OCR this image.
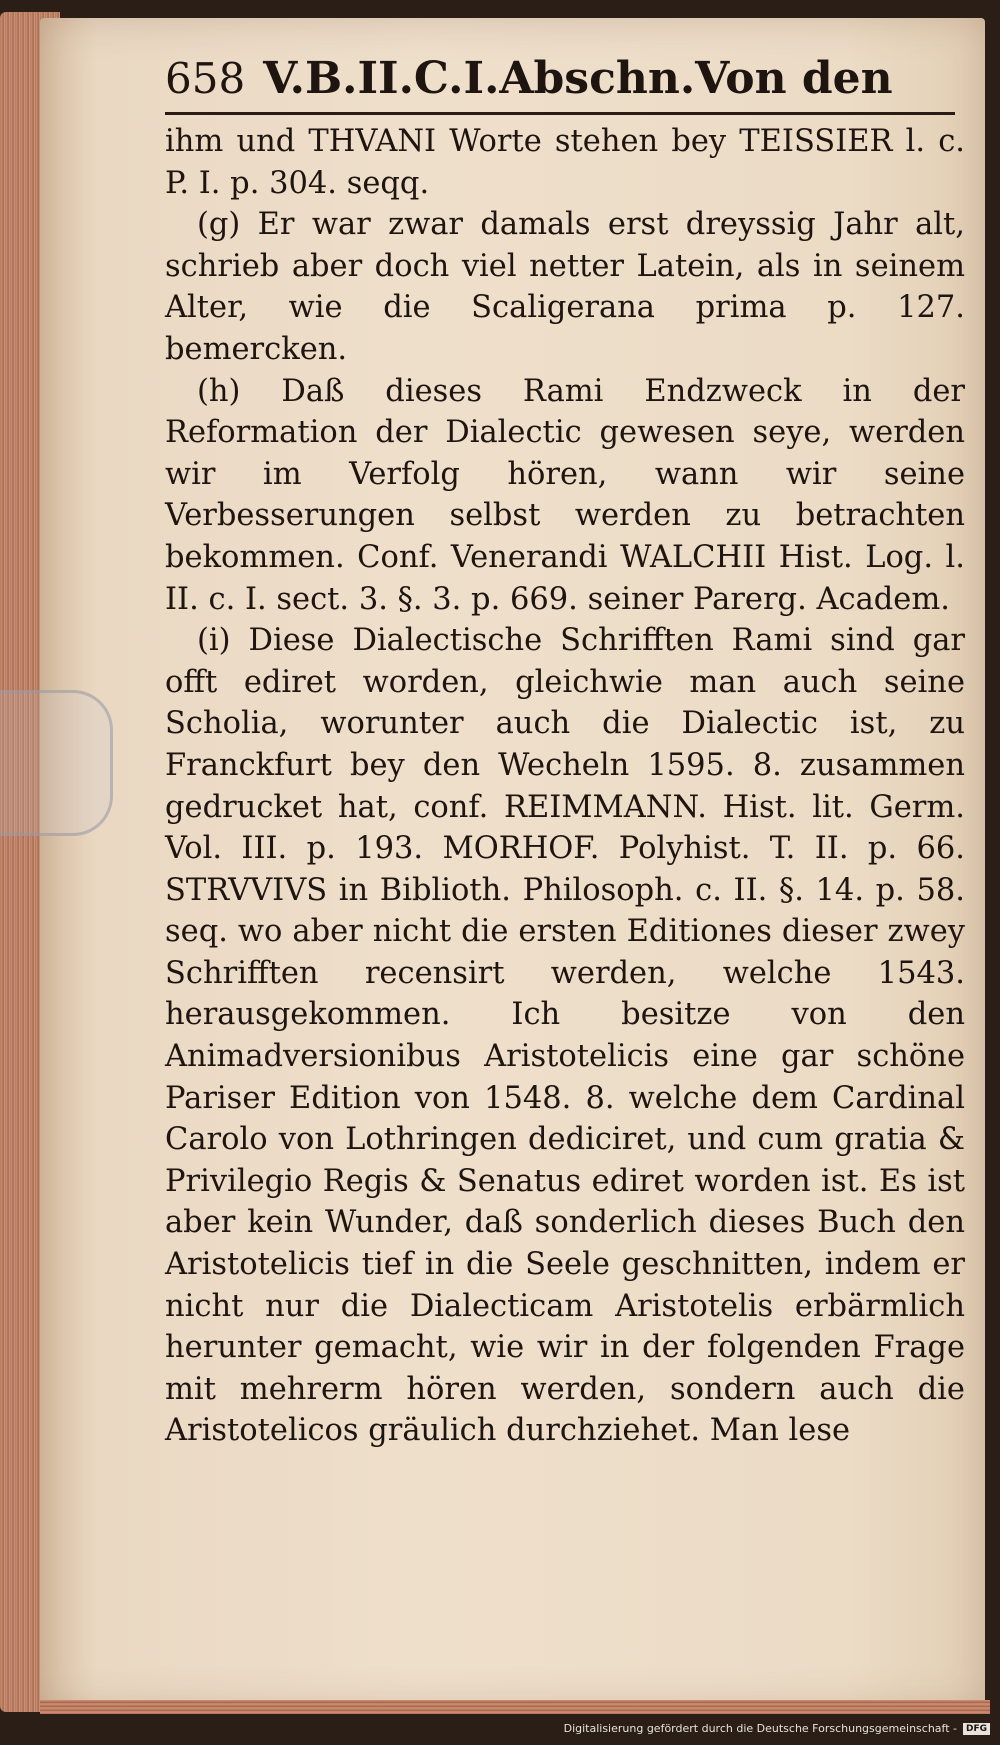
658 V.B.II.C.I.Abschn.Von den

ihm und THVANI Worte stehen bey TEISSIER l. c. P. I. p. 304. seqq.

(g) Er war zwar damals erst dreyssig Jahr alt, schrieb aber doch viel netter Latein, als in seinem Alter, wie die Scaligerana prima p. 127. bemercken.

(h) Daß dieses Rami Endzweck in der Reformation der Dialectic gewesen seye, werden wir im Verfolg hören, wann wir seine Verbesserungen selbst werden zu betrachten bekommen. Conf. Venerandi WALCHII Hist. Log. l. II. c. I. sect. 3. §. 3. p. 669. seiner Parerg. Academ.

(i) Diese Dialectische Schrifften Rami sind gar offt ediret worden, gleichwie man auch seine Scholia, worunter auch die Dialectic ist, zu Franckfurt bey den Wecheln 1595. 8. zusammen gedrucket hat, conf. REIMMANN. Hist. lit. Germ. Vol. III. p. 193. MORHOF. Polyhist. T. II. p. 66. STRVVIVS in Biblioth. Philosoph. c. II. §. 14. p. 58. seq. wo aber nicht die ersten Editiones dieser zwey Schrifften recensirt werden, welche 1543. herausgekommen. Ich besitze von den Animadversionibus Aristotelicis eine gar schöne Pariser Edition von 1548. 8. welche dem Cardinal Carolo von Lothringen dediciret, und cum gratia & Privilegio Regis & Senatus ediret worden ist. Es ist aber kein Wunder, daß sonderlich dieses Buch den Aristotelicis tief in die Seele geschnitten, indem er nicht nur die Dialecticam Aristotelis erbärmlich herunter gemacht, wie wir in der folgenden Frage mit mehrerm hören werden, sondern auch die Aristotelicos gräulich durchziehet. Man lese

Digitalisierung gefördert durch die Deutsche Forschungsgemeinschaft -	DFG
